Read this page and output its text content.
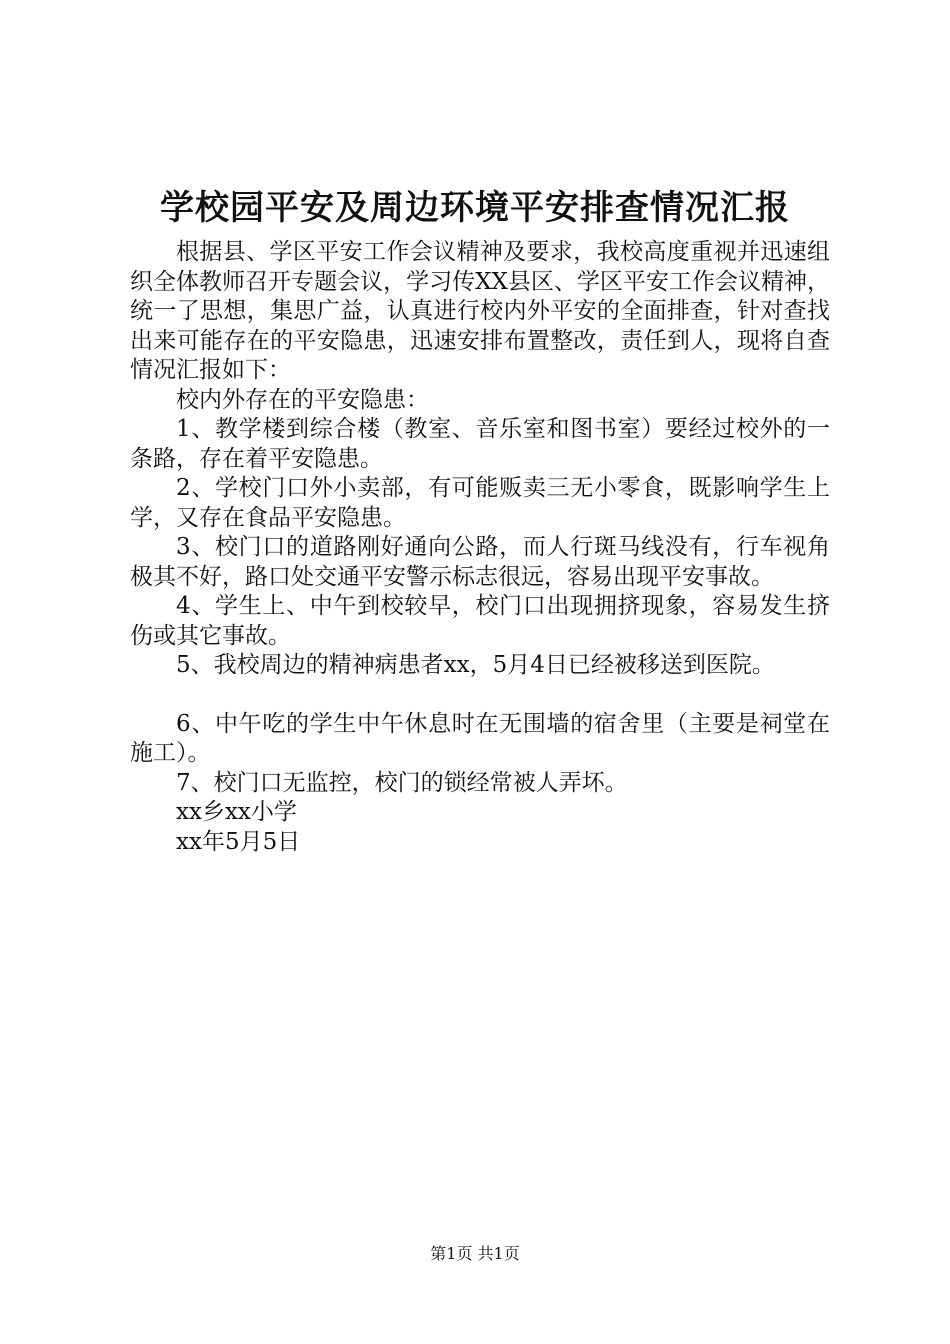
学校园平安及周边环境平安排查情况汇报

根据县、学区平安工作会议精神及要求，我校高度重视并迅速组织全体教师召开专题会议，学习传XX县区、学区平安工作会议精神，统一了思想，集思广益，认真进行校内外平安的全面排查，针对查找出来可能存在的平安隐患，迅速安排布置整改，责任到人，现将自查情况汇报如下：

校内外存在的平安隐患：

1、教学楼到综合楼（教室、音乐室和图书室）要经过校外的一条路，存在着平安隐患。

2、学校门口外小卖部，有可能贩卖三无小零食，既影响学生上学，又存在食品平安隐患。

3、校门口的道路刚好通向公路，而人行斑马线没有，行车视角极其不好，路口处交通平安警示标志很远，容易出现平安事故。

4、学生上、中午到校较早，校门口出现拥挤现象，容易发生挤伤或其它事故。

5、我校周边的精神病患者xx，5月4日已经被移送到医院。

6、中午吃的学生中午休息时在无围墙的宿舍里（主要是祠堂在施工）。

7、校门口无监控，校门的锁经常被人弄坏。

xx乡xx小学

xx年5月5日

第1页 共1页
